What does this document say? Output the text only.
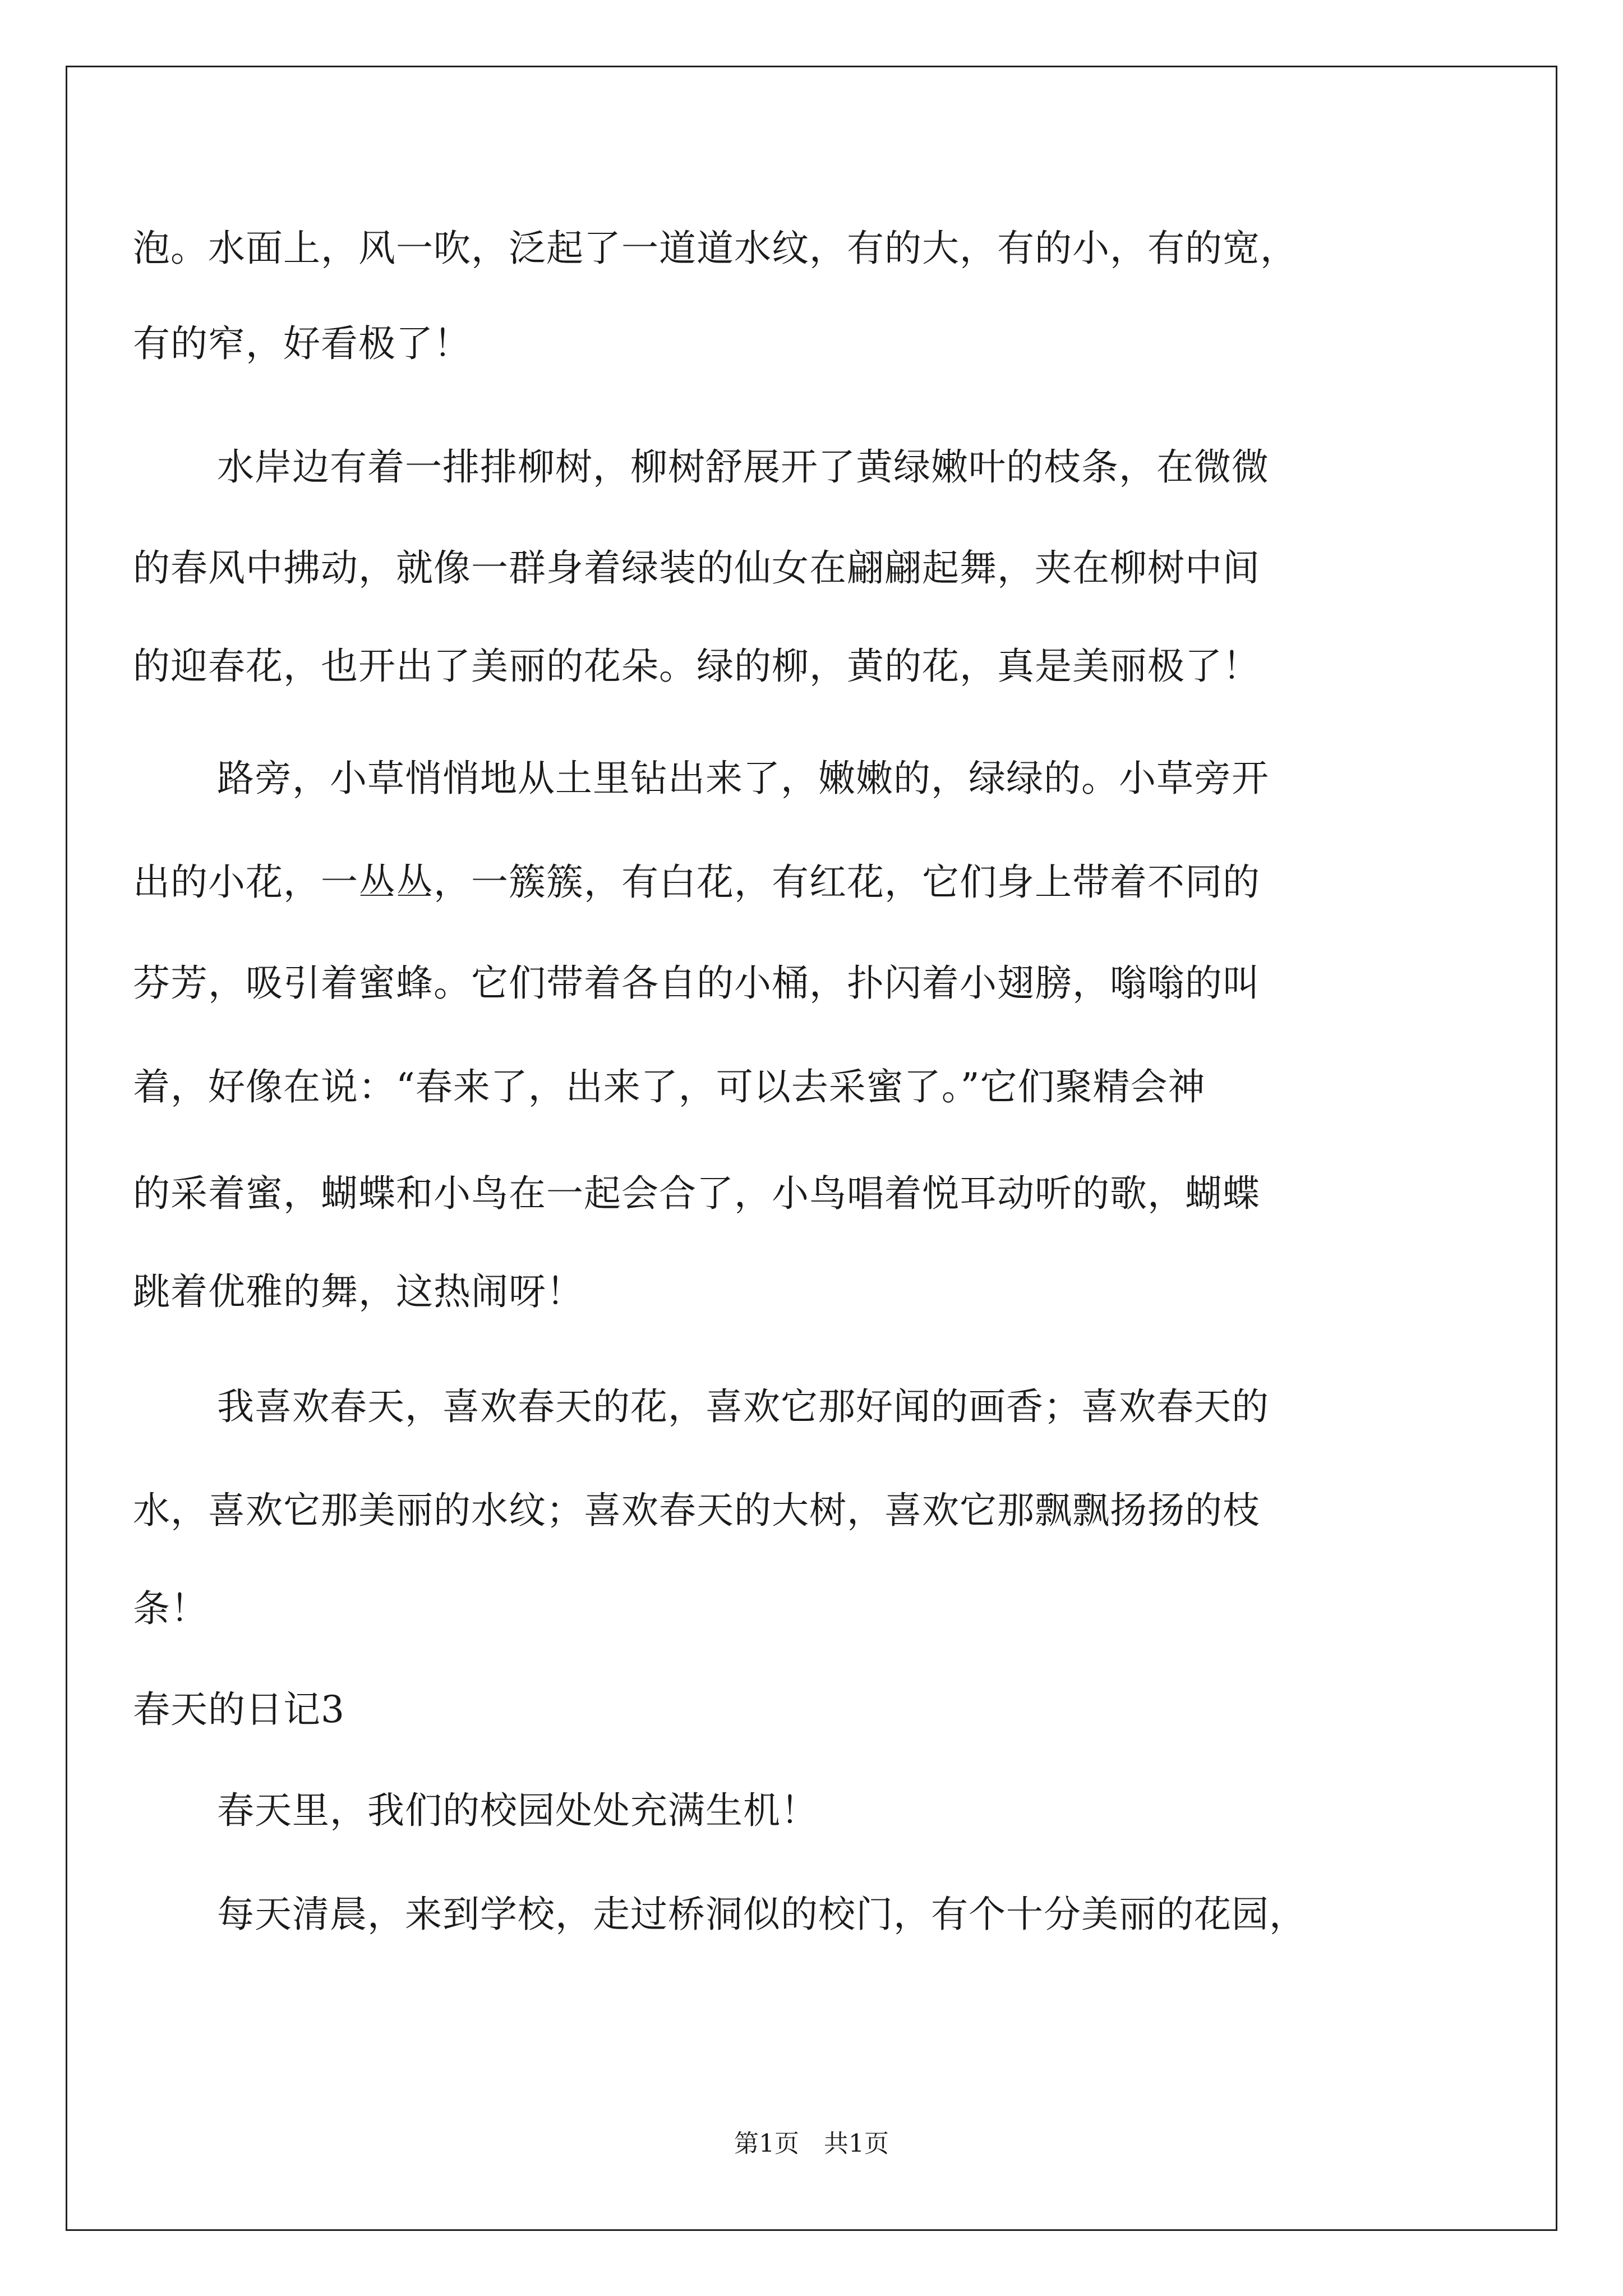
泡。水面上，风一吹，泛起了一道道水纹，有的大，有的小，有的宽，
有的窄，好看极了！
水岸边有着一排排柳树，柳树舒展开了黄绿嫩叶的枝条，在微微
的春风中拂动，就像一群身着绿装的仙女在翩翩起舞，夹在柳树中间
的迎春花，也开出了美丽的花朵。绿的柳，黄的花，真是美丽极了！
路旁，小草悄悄地从土里钻出来了，嫩嫩的，绿绿的。小草旁开
出的小花，一丛丛，一簇簇，有白花，有红花，它们身上带着不同的
芬芳，吸引着蜜蜂。它们带着各自的小桶，扑闪着小翅膀，嗡嗡的叫
着，好像在说：“春来了，出来了，可以去采蜜了。”它们聚精会神
的采着蜜，蝴蝶和小鸟在一起会合了，小鸟唱着悦耳动听的歌，蝴蝶
跳着优雅的舞，这热闹呀！
我喜欢春天，喜欢春天的花，喜欢它那好闻的画香；喜欢春天的
水，喜欢它那美丽的水纹；喜欢春天的大树，喜欢它那飘飘扬扬的枝
条！
春天的日记3
春天里，我们的校园处处充满生机！
每天清晨，来到学校，走过桥洞似的校门，有个十分美丽的花园，
第1页　共1页
